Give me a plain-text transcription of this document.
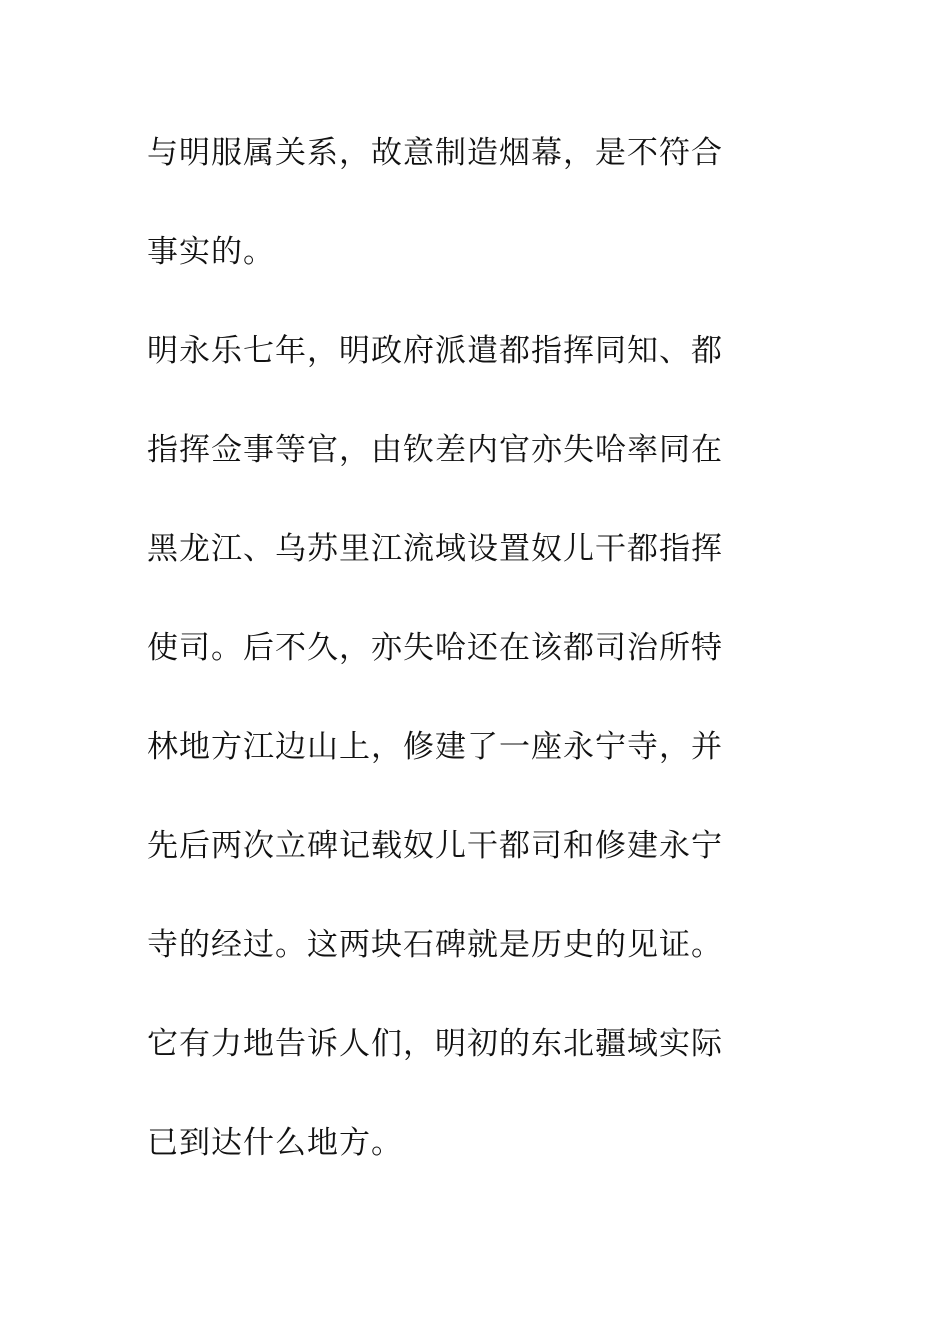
与明服属关系，故意制造烟幕，是不符合
事实的。
明永乐七年，明政府派遣都指挥同知、都
指挥佥事等官，由钦差内官亦失哈率同在
黑龙江、乌苏里江流域设置奴儿干都指挥
使司。后不久，亦失哈还在该都司治所特
林地方江边山上，修建了一座永宁寺，并
先后两次立碑记载奴儿干都司和修建永宁
寺的经过。这两块石碑就是历史的见证。
它有力地告诉人们，明初的东北疆域实际
已到达什么地方。
